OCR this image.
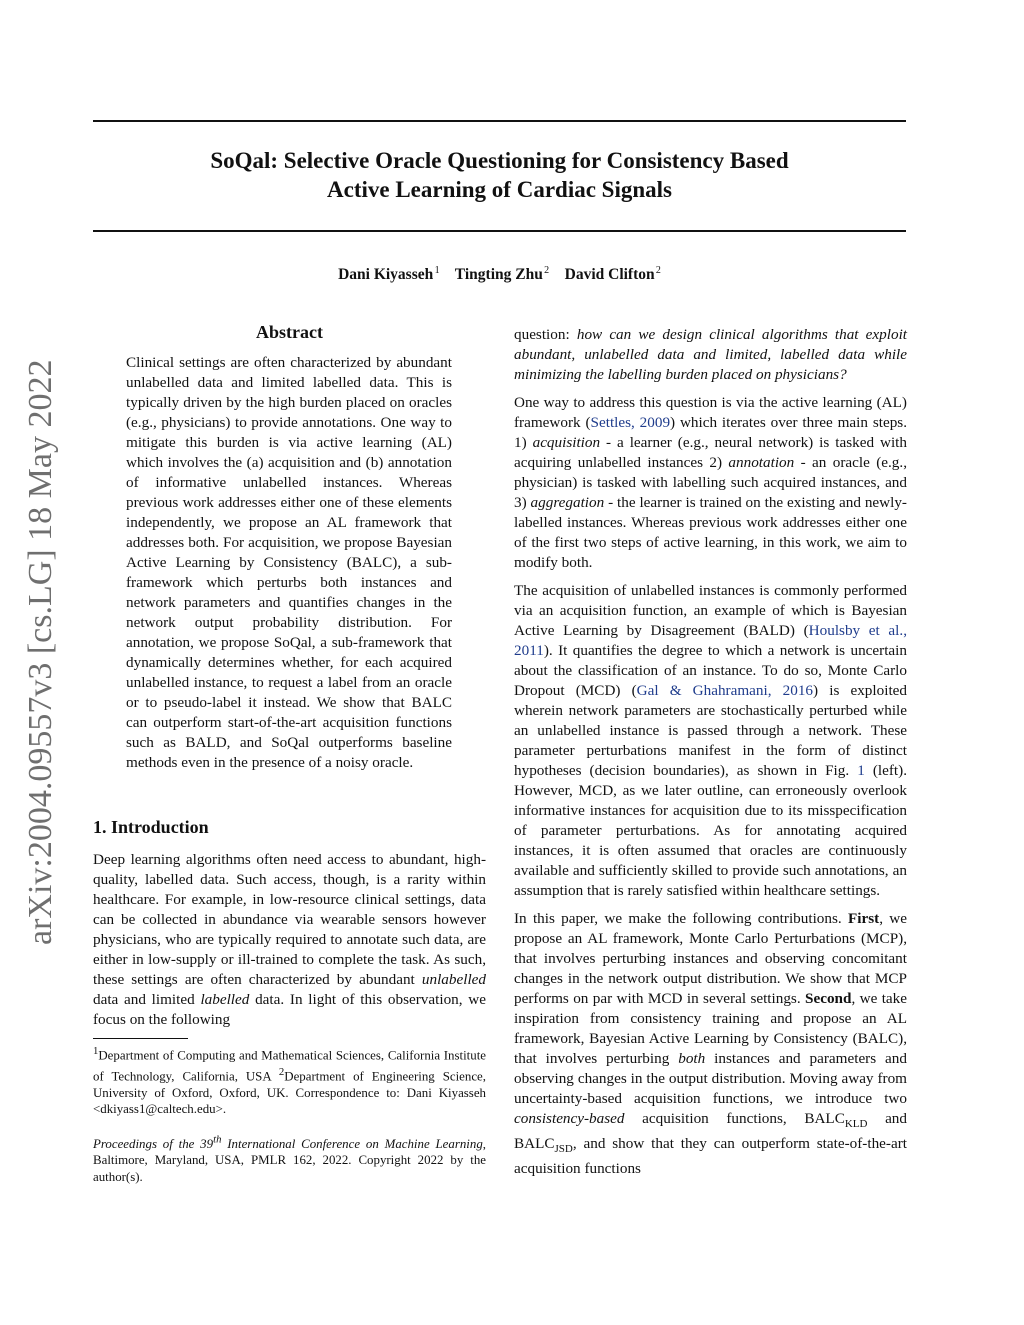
arXiv:2004.09557v3 [cs.LG] 18 May 2022
SoQal: Selective Oracle Questioning for Consistency Based
Active Learning of Cardiac Signals
Dani Kiyasseh $^1$ Tingting Zhu $^2$ David Clifton $^2$
Abstract
Clinical settings are often characterized by abundant unlabelled data and limited labelled data. This is typically driven by the high burden placed on oracles (e.g., physicians) to provide annotations. One way to mitigate this burden is via active learning (AL) which involves the (a) acquisition and (b) annotation of informative unlabelled instances. Whereas previous work addresses either one of these elements independently, we propose an AL framework that addresses both. For acquisition, we propose Bayesian Active Learning by Consistency (BALC), a sub-framework which perturbs both instances and network parameters and quantifies changes in the network output probability distribution. For annotation, we propose SoQal, a sub-framework that dynamically determines whether, for each acquired unlabelled instance, to request a label from an oracle or to pseudo-label it instead. We show that BALC can outperform start-of-the-art acquisition functions such as BALD, and SoQal outperforms baseline methods even in the presence of a noisy oracle.
1. Introduction

Deep learning algorithms often need access to abundant, high-quality, labelled data. Such access, though, is a rarity within healthcare. For example, in low-resource clinical settings, data can be collected in abundance via wearable sensors however physicians, who are typically required to annotate such data, are either in low-supply or ill-trained to complete the task. As such, these settings are often characterized by abundant unlabelled data and limited labelled data. In light of this observation, we focus on the following

$^1$Department of Computing and Mathematical Sciences, California Institute of Technology, California, USA $^2$Department of Engineering Science, University of Oxford, Oxford, UK. Correspondence to: Dani Kiyasseh <dkiyass1@caltech.edu>.
Proceedings of the 39th International Conference on Machine Learning, Baltimore, Maryland, USA, PMLR 162, 2022. Copyright 2022 by the author(s).

question: how can we design clinical algorithms that exploit abundant, unlabelled data and limited, labelled data while minimizing the labelling burden placed on physicians?

One way to address this question is via the active learning (AL) framework (Settles, 2009) which iterates over three main steps. 1) acquisition - a learner (e.g., neural network) is tasked with acquiring unlabelled instances 2) annotation - an oracle (e.g., physician) is tasked with labelling such acquired instances, and 3) aggregation - the learner is trained on the existing and newly-labelled instances. Whereas previous work addresses either one of the first two steps of active learning, in this work, we aim to modify both.

The acquisition of unlabelled instances is commonly performed via an acquisition function, an example of which is Bayesian Active Learning by Disagreement (BALD) (Houlsby et al., 2011). It quantifies the degree to which a network is uncertain about the classification of an instance. To do so, Monte Carlo Dropout (MCD) (Gal & Ghahramani, 2016) is exploited wherein network parameters are stochastically perturbed while an unlabelled instance is passed through a network. These parameter perturbations manifest in the form of distinct hypotheses (decision boundaries), as shown in Fig. 1 (left). However, MCD, as we later outline, can erroneously overlook informative instances for acquisition due to its misspecification of parameter perturbations. As for annotating acquired instances, it is often assumed that oracles are continuously available and sufficiently skilled to provide such annotations, an assumption that is rarely satisfied within healthcare settings.

In this paper, we make the following contributions. First, we propose an AL framework, Monte Carlo Perturbations (MCP), that involves perturbing instances and observing concomitant changes in the network output distribution. We show that MCP performs on par with MCD in several settings. Second, we take inspiration from consistency training and propose an AL framework, Bayesian Active Learning by Consistency (BALC), that involves perturbing both instances and parameters and observing changes in the output distribution. Moving away from uncertainty-based acquisition functions, we introduce two consistency-based acquisition functions, $BALC_{KLD}$ and $BALC_{JSD}$, and show that they can outperform state-of-the-art acquisition functions
